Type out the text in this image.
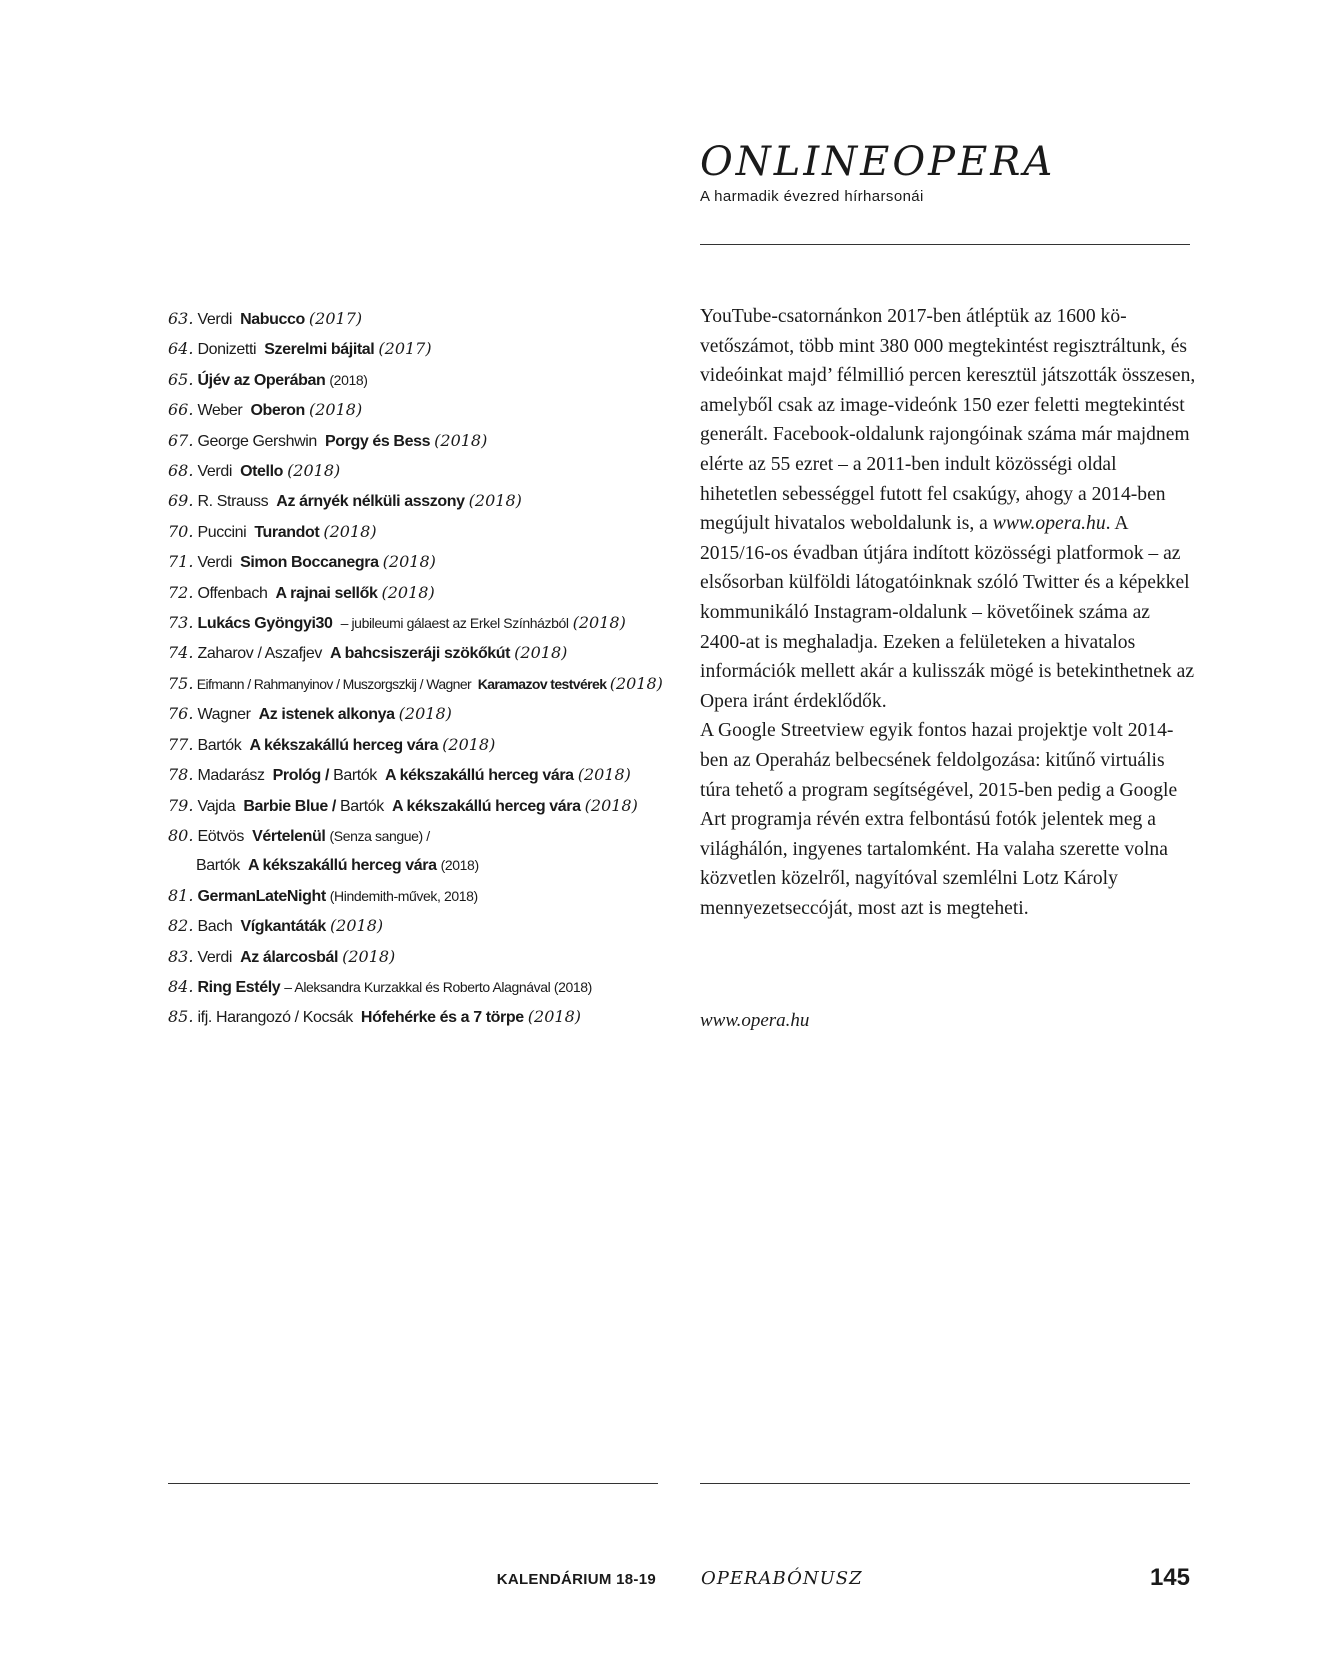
ONLINEOPERA
A harmadik évezred hírharsonái
63. Verdi Nabucco (2017)
64. Donizetti Szerelmi bájital (2017)
65. Újév az Operában (2018)
66. Weber Oberon (2018)
67. George Gershwin Porgy és Bess (2018)
68. Verdi Otello (2018)
69. R. Strauss Az árnyék nélküli asszony (2018)
70. Puccini Turandot (2018)
71. Verdi Simon Boccanegra (2018)
72. Offenbach A rajnai sellők (2018)
73. Lukács Gyöngyi30 – jubileumi gálaest az Erkel Színházból (2018)
74. Zaharov / Aszafjev A bahcsiszeráji szökőkút (2018)
75. Eifmann / Rahmanyinov / Muszorgszkij / Wagner Karamazov testvérek (2018)
76. Wagner Az istenek alkonya (2018)
77. Bartók A kékszakállú herceg vára (2018)
78. Madarász Prológ / Bartók A kékszakállú herceg vára (2018)
79. Vajda Barbie Blue / Bartók A kékszakállú herceg vára (2018)
80. Eötvös Vértelenül (Senza sangue) /
Bartók A kékszakállú herceg vára (2018)
81. GermanLateNight (Hindemith-művek, 2018)
82. Bach Vígkantáták (2018)
83. Verdi Az álarcosbál (2018)
84. Ring Estély – Aleksandra Kurzakkal és Roberto Alagnával (2018)
85. ifj. Harangozó / Kocsák Hófehérke és a 7 törpe (2018)

YouTube-csatornánkon 2017-ben átléptük az 1600 követőszámot, több mint 380 000 megtekintést regisztráltunk, és videóinkat majd’ félmillió percen keresztül játszották összesen, amelyből csak az image-videónk 150 ezer feletti megtekintést generált. Facebook-oldalunk rajongóinak száma már majdnem elérte az 55 ezret – a 2011-ben indult közösségi oldal hihetetlen sebességgel futott fel csakúgy, ahogy a 2014-ben megújult hivatalos weboldalunk is, a www.opera.hu. A 2015/16-os évadban útjára indított közösségi platformok – az elsősorban külföldi látogatóinknak szóló Twitter és a képekkel kommunikáló Instagram-oldalunk – követőinek száma az 2400-at is meghaladja. Ezeken a felületeken a hivatalos információk mellett akár a kulisszák mögé is betekinthetnek az Opera iránt érdeklődők.

A Google Streetview egyik fontos hazai projektje volt 2014-ben az Operaház belbecsének feldolgozása: kitűnő virtuális túra tehető a program segítségével, 2015-ben pedig a Google Art programja révén extra felbontású fotók jelentek meg a világhálón, ingyenes tartalomként. Ha valaha szerette volna közvetlen közelről, nagyítóval szemlélni Lotz Károly mennyezetseccóját, most azt is megteheti.

www.opera.hu
KALENDÁRIUM 18-19	OPERABÓNUSZ	145
